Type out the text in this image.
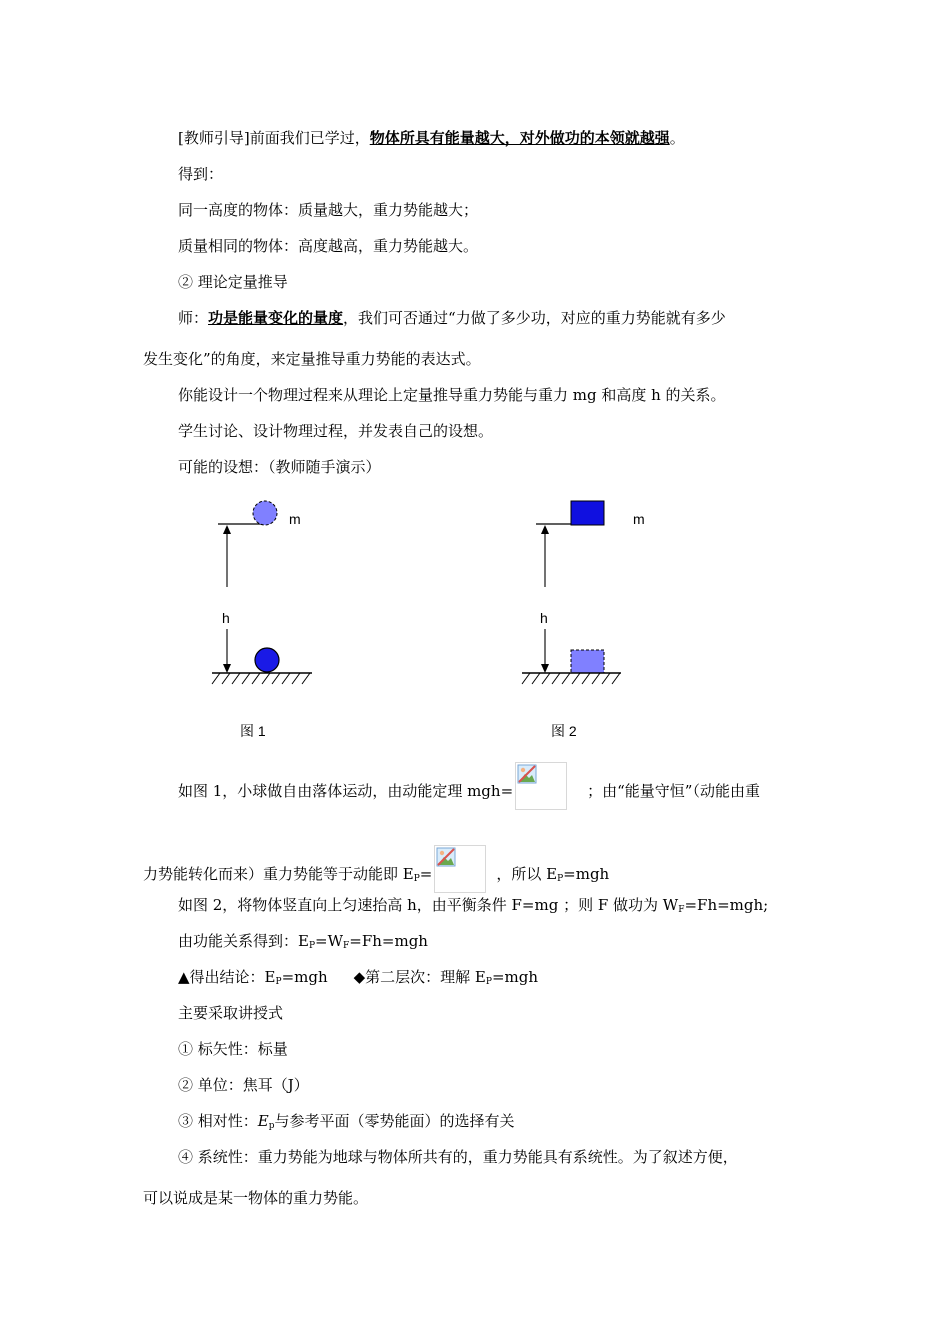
[教师引导]前面我们已学过，物体所具有能量越大，对外做功的本领就越强。
得到：
同一高度的物体：质量越大，重力势能越大；
质量相同的物体：高度越高，重力势能越大。
② 理论定量推导
师：功是能量变化的量度，我们可否通过“力做了多少功，对应的重力势能就有多少
发生变化”的角度，来定量推导重力势能的表达式。
你能设计一个物理过程来从理论上定量推导重力势能与重力 mg 和高度 h 的关系。
学生讨论、设计物理过程，并发表自己的设想。
可能的设想：（教师随手演示）
m
h
图 1
m
h
图 2
如图 1，小球做自由落体运动，由动能定理 mgh=	；由“能量守恒”（动能由重
力势能转化而来）重力势能等于动能即 $E_P=$	，所以 $E_P=mgh$
如图 2，将物体竖直向上匀速抬高 h，由平衡条件 F=mg ；则 F 做功为 $W_F=Fh=mgh$;
由功能关系得到：$E_P=W_F=Fh=mgh$
▲得出结论：$E_P=mgh$ ◆第二层次：理解 $E_P=mgh$
主要采取讲授式
① 标矢性：标量
② 单位：焦耳（J）
③ 相对性：$E_p$与参考平面（零势能面）的选择有关
④ 系统性：重力势能为地球与物体所共有的，重力势能具有系统性。为了叙述方便，
可以说成是某一物体的重力势能。
